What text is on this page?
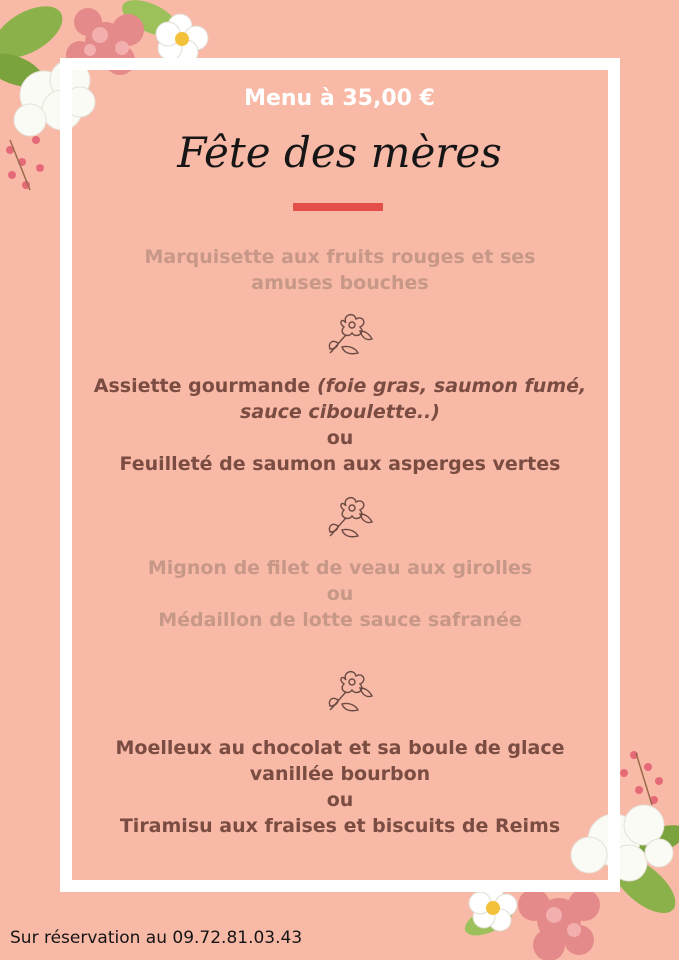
Menu à 35,00 €
Fête des mères
Marquisette aux fruits rouges et ses
amuses bouches
Assiette gourmande (foie gras, saumon fumé,
sauce ciboulette..)
ou
Feuilleté de saumon aux asperges vertes
Mignon de filet de veau aux girolles
ou
Médaillon de lotte sauce safranée
Moelleux au chocolat et sa boule de glace
vanillée bourbon
ou
Tiramisu aux fraises et biscuits de Reims
Sur réservation au 09.72.81.03.43
